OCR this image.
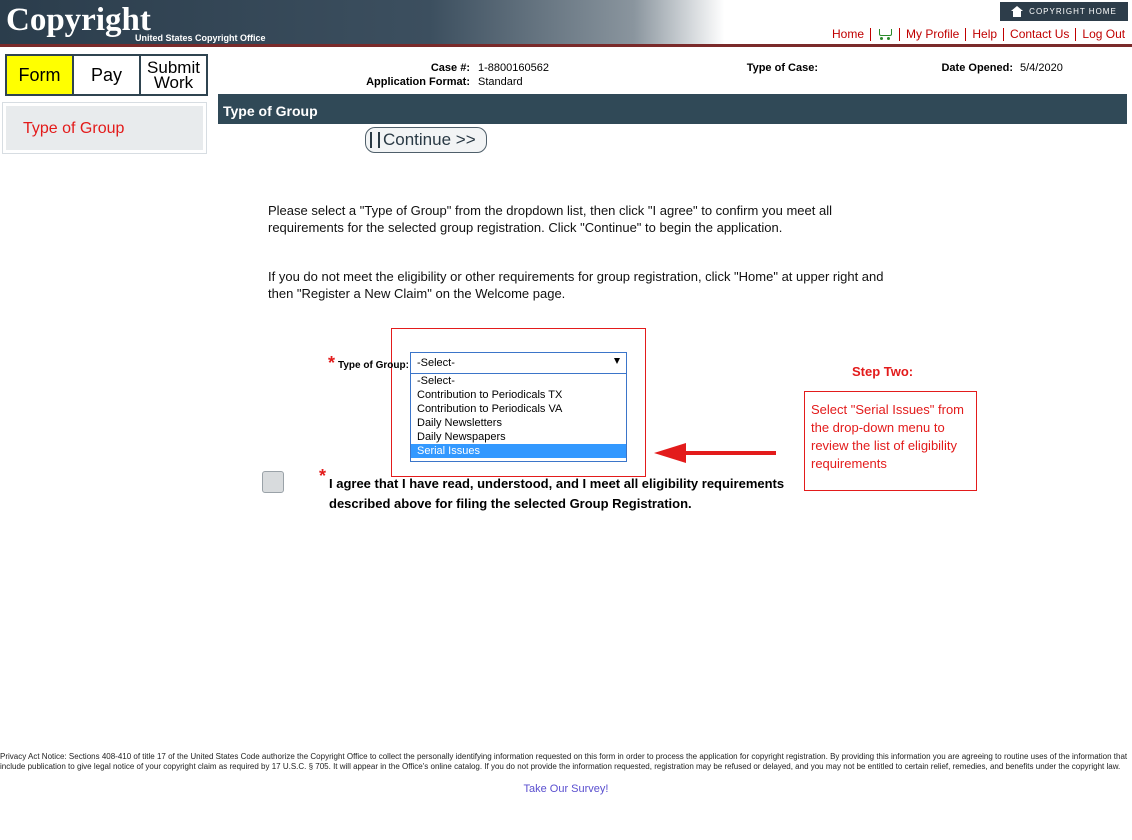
Copyright
United States Copyright Office
COPYRIGHT HOME
Home	My Profile	Help	Contact Us	Log Out
Form	Pay	Submit
Work
Type of Group
Case #: 1-8800160562
Application Format: Standard
Type of Case:	Date Opened: 5/4/2020
Type of Group
Continue >>
Please select a "Type of Group" from the dropdown list, then click "I agree" to confirm you meet all requirements for the selected group registration. Click "Continue" to begin the application.
If you do not meet the eligibility or other requirements for group registration, click "Home" at upper right and then "Register a New Claim" on the Welcome page.
* Type of Group: -Select-
-Select-
Contribution to Periodicals TX
Contribution to Periodicals VA
Daily Newsletters
Daily Newspapers
Serial Issues
Step Two:
Select "Serial Issues" from the drop-down menu to review the list of eligibility requirements
* I agree that I have read, understood, and I meet all eligibility requirements described above for filing the selected Group Registration.
Privacy Act Notice: Sections 408-410 of title 17 of the United States Code authorize the Copyright Office to collect the personally identifying information requested on this form in order to process the application for copyright registration. By providing this information you are agreeing to routine uses of the information that include publication to give legal notice of your copyright claim as required by 17 U.S.C. § 705. It will appear in the Office's online catalog. If you do not provide the information requested, registration may be refused or delayed, and you may not be entitled to certain relief, remedies, and benefits under the copyright law.
Take Our Survey!
